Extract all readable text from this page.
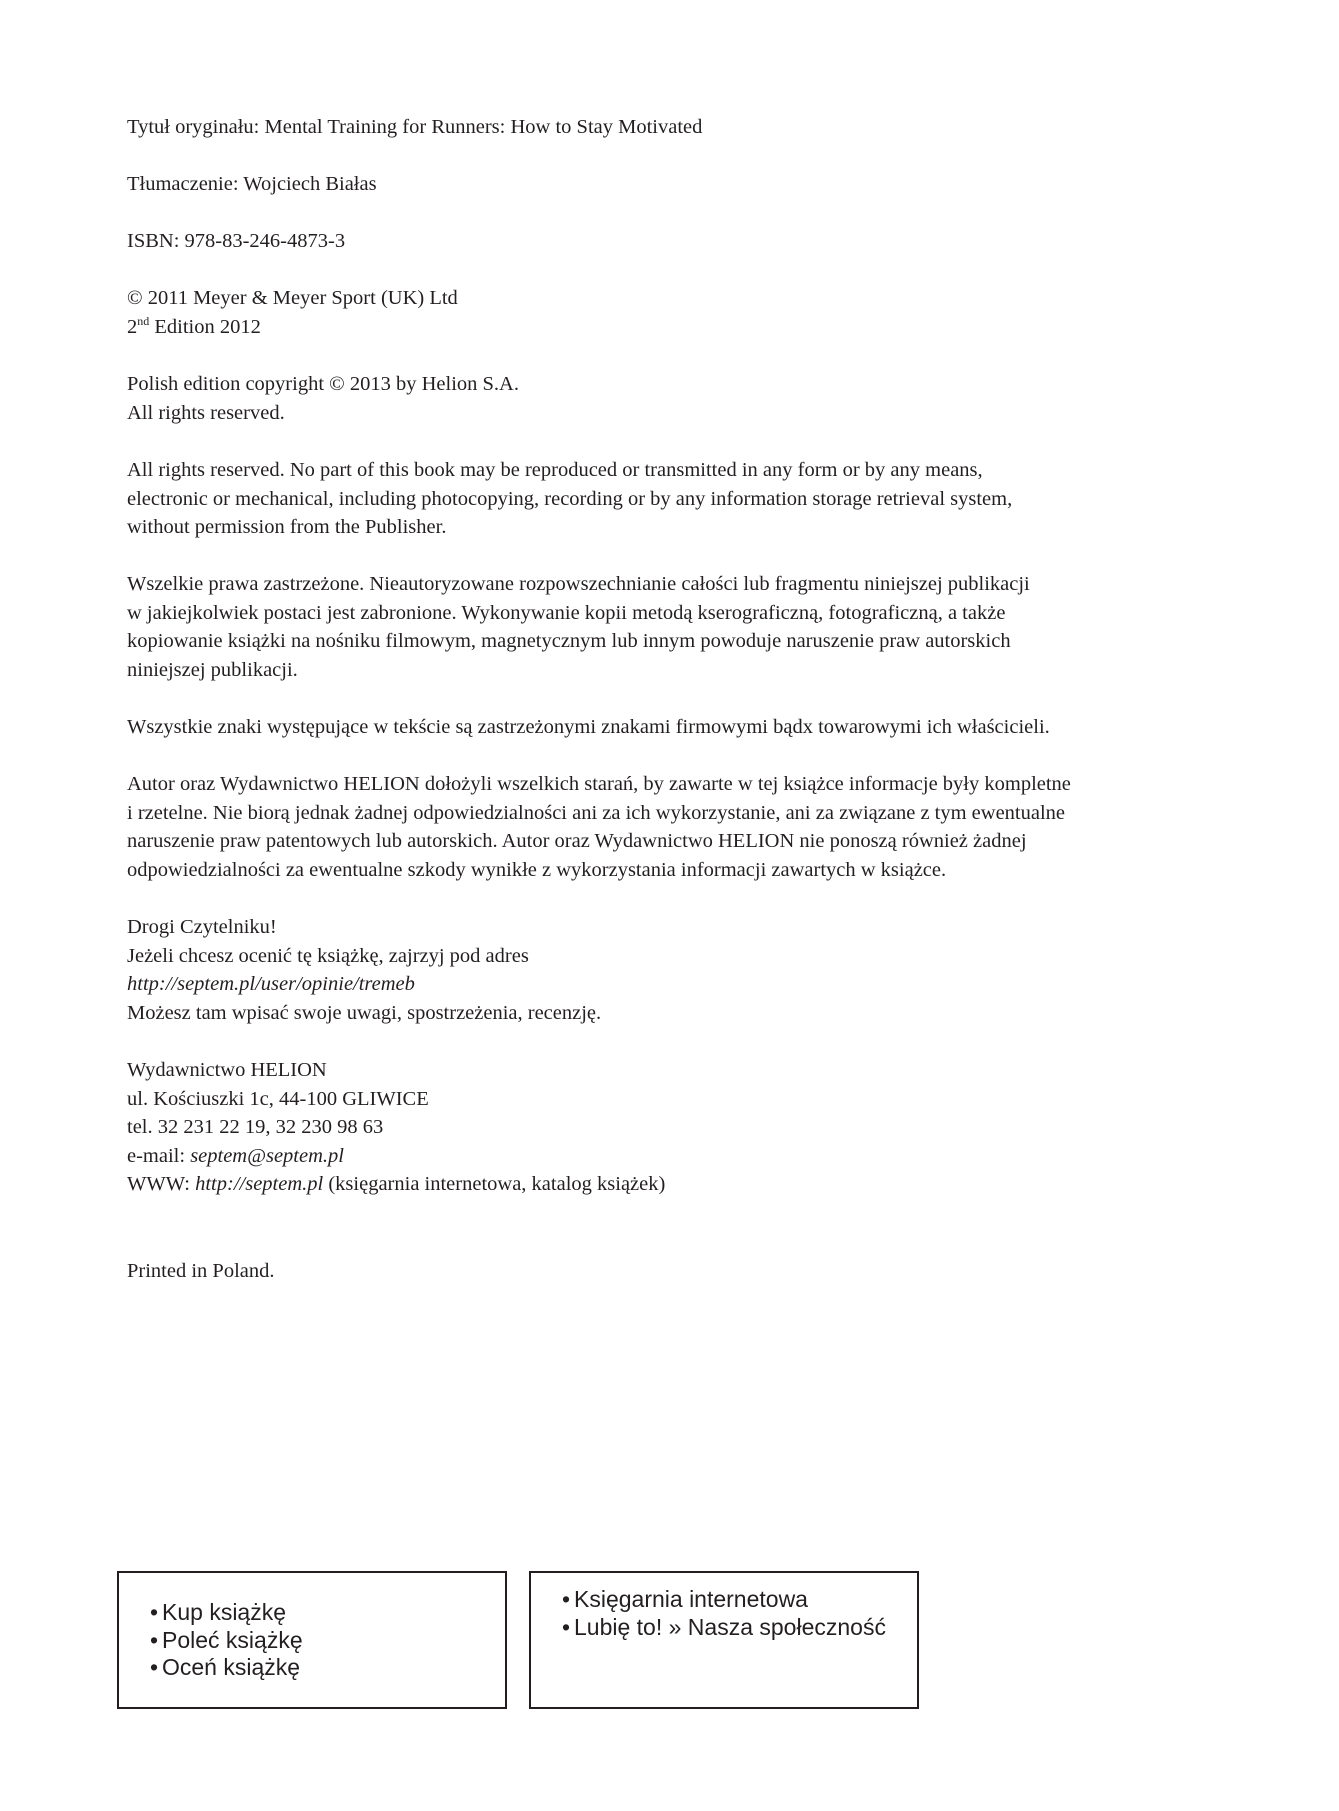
Tytuł oryginału: Mental Training for Runners: How to Stay Motivated

Tłumaczenie: Wojciech Białas

ISBN: 978-83-246-4873-3

© 2011 Meyer & Meyer Sport (UK) Ltd
2nd Edition 2012

Polish edition copyright © 2013 by Helion S.A.
All rights reserved.

All rights reserved. No part of this book may be reproduced or transmitted in any form or by any means,
electronic or mechanical, including photocopying, recording or by any information storage retrieval system,
without permission from the Publisher.

Wszelkie prawa zastrzeżone. Nieautoryzowane rozpowszechnianie całości lub fragmentu niniejszej publikacji
w jakiejkolwiek postaci jest zabronione. Wykonywanie kopii metodą kserograficzną, fotograficzną, a także
kopiowanie książki na nośniku filmowym, magnetycznym lub innym powoduje naruszenie praw autorskich
niniejszej publikacji.

Wszystkie znaki występujące w tekście są zastrzeżonymi znakami firmowymi bądx towarowymi ich właścicieli.

Autor oraz Wydawnictwo HELION dołożyli wszelkich starań, by zawarte w tej książce informacje były kompletne
i rzetelne. Nie biorą jednak żadnej odpowiedzialności ani za ich wykorzystanie, ani za związane z tym ewentualne
naruszenie praw patentowych lub autorskich. Autor oraz Wydawnictwo HELION nie ponoszą również żadnej
odpowiedzialności za ewentualne szkody wynikłe z wykorzystania informacji zawartych w książce.

Drogi Czytelniku!
Jeżeli chcesz ocenić tę książkę, zajrzyj pod adres
http://septem.pl/user/opinie/tremeb
Możesz tam wpisać swoje uwagi, spostrzeżenia, recenzję.

Wydawnictwo HELION
ul. Kościuszki 1c, 44-100 GLIWICE
tel. 32 231 22 19, 32 230 98 63
e-mail: septem@septem.pl
WWW: http://septem.pl (księgarnia internetowa, katalog książek)

Printed in Poland.

• Kup książkę
• Poleć książkę
• Oceń książkę
• Księgarnia internetowa
• Lubię to! » Nasza społeczność
